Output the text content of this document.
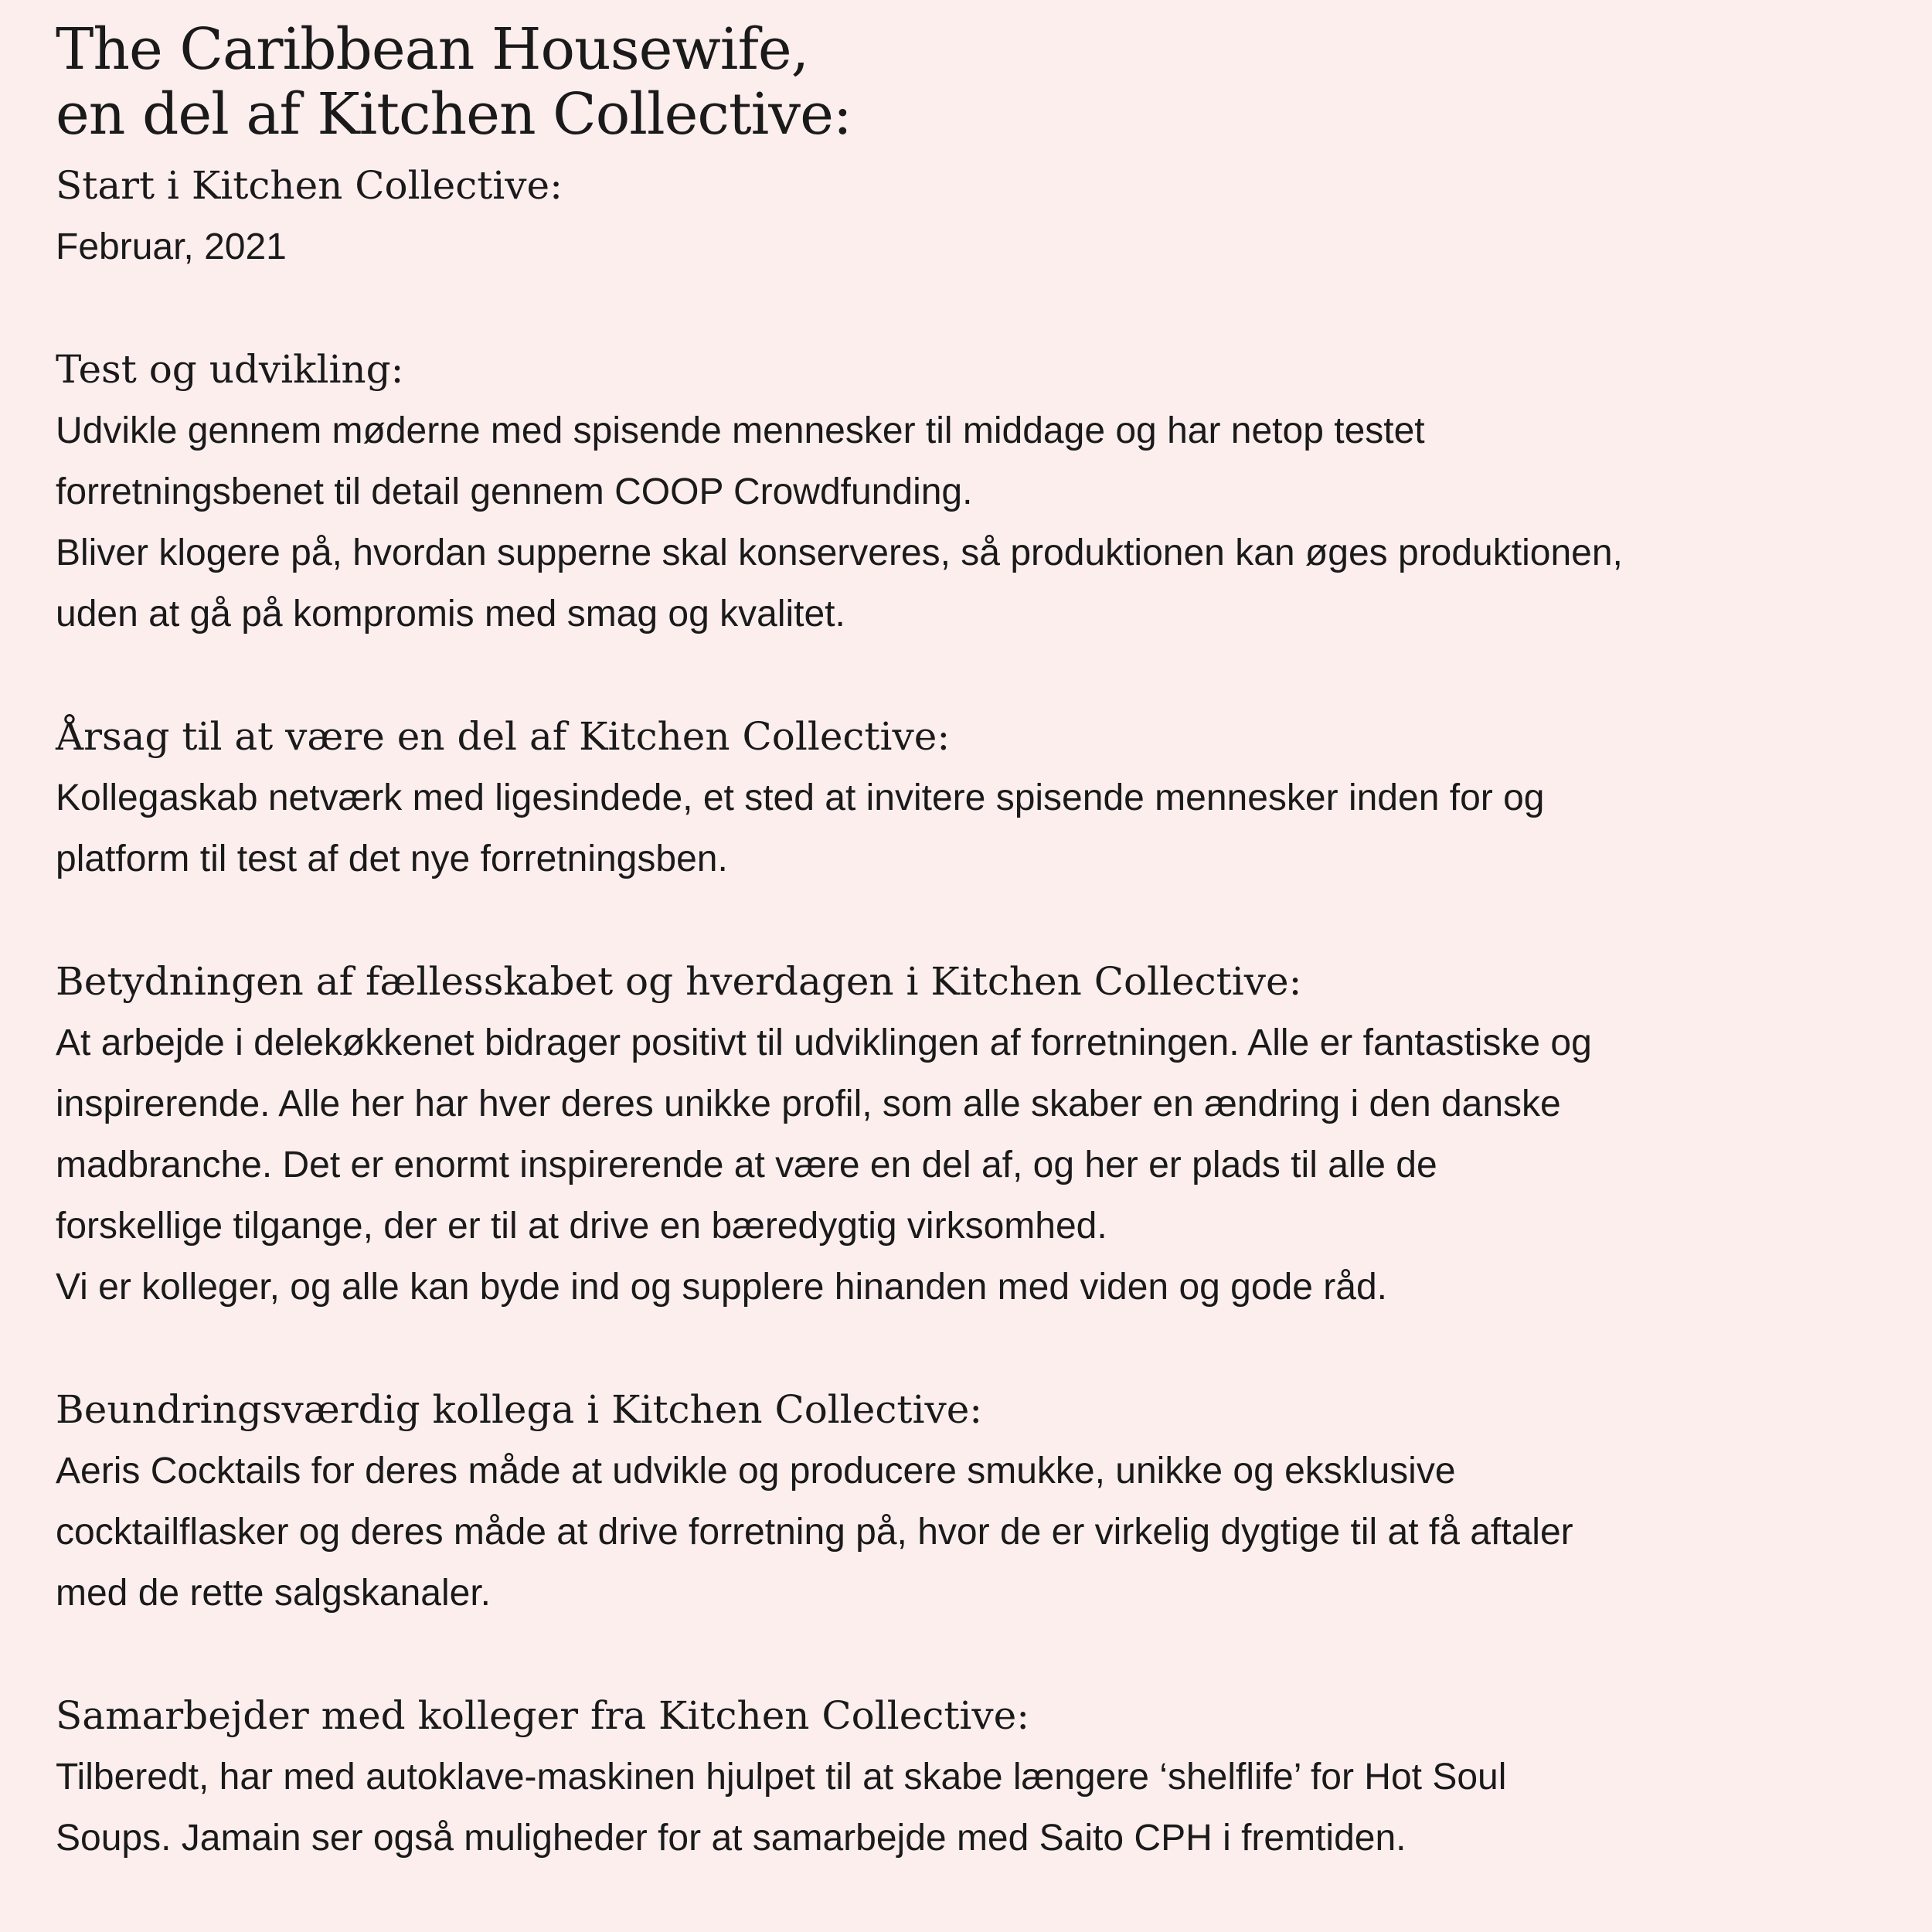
The Caribbean Housewife,
en del af Kitchen Collective:
Start i Kitchen Collective:

Februar, 2021

Test og udvikling:

Udvikle gennem møderne med spisende mennesker til middage og har netop testet
forretningsbenet til detail gennem COOP Crowdfunding.
Bliver klogere på, hvordan supperne skal konserveres, så produktionen kan øges produktionen,
uden at gå på kompromis med smag og kvalitet.

Årsag til at være en del af Kitchen Collective:

Kollegaskab netværk med ligesindede, et sted at invitere spisende mennesker inden for og
platform til test af det nye forretningsben.

Betydningen af fællesskabet og hverdagen i Kitchen Collective:

At arbejde i delekøkkenet bidrager positivt til udviklingen af forretningen. Alle er fantastiske og
inspirerende. Alle her har hver deres unikke profil, som alle skaber en ændring i den danske
madbranche. Det er enormt inspirerende at være en del af, og her er plads til alle de
forskellige tilgange, der er til at drive en bæredygtig virksomhed.
Vi er kolleger, og alle kan byde ind og supplere hinanden med viden og gode råd.

Beundringsværdig kollega i Kitchen Collective:

Aeris Cocktails for deres måde at udvikle og producere smukke, unikke og eksklusive
cocktailflasker og deres måde at drive forretning på, hvor de er virkelig dygtige til at få aftaler
med de rette salgskanaler.

Samarbejder med kolleger fra Kitchen Collective:

Tilberedt, har med autoklave-maskinen hjulpet til at skabe længere ‘shelflife’ for Hot Soul
Soups. Jamain ser også muligheder for at samarbejde med Saito CPH i fremtiden.
